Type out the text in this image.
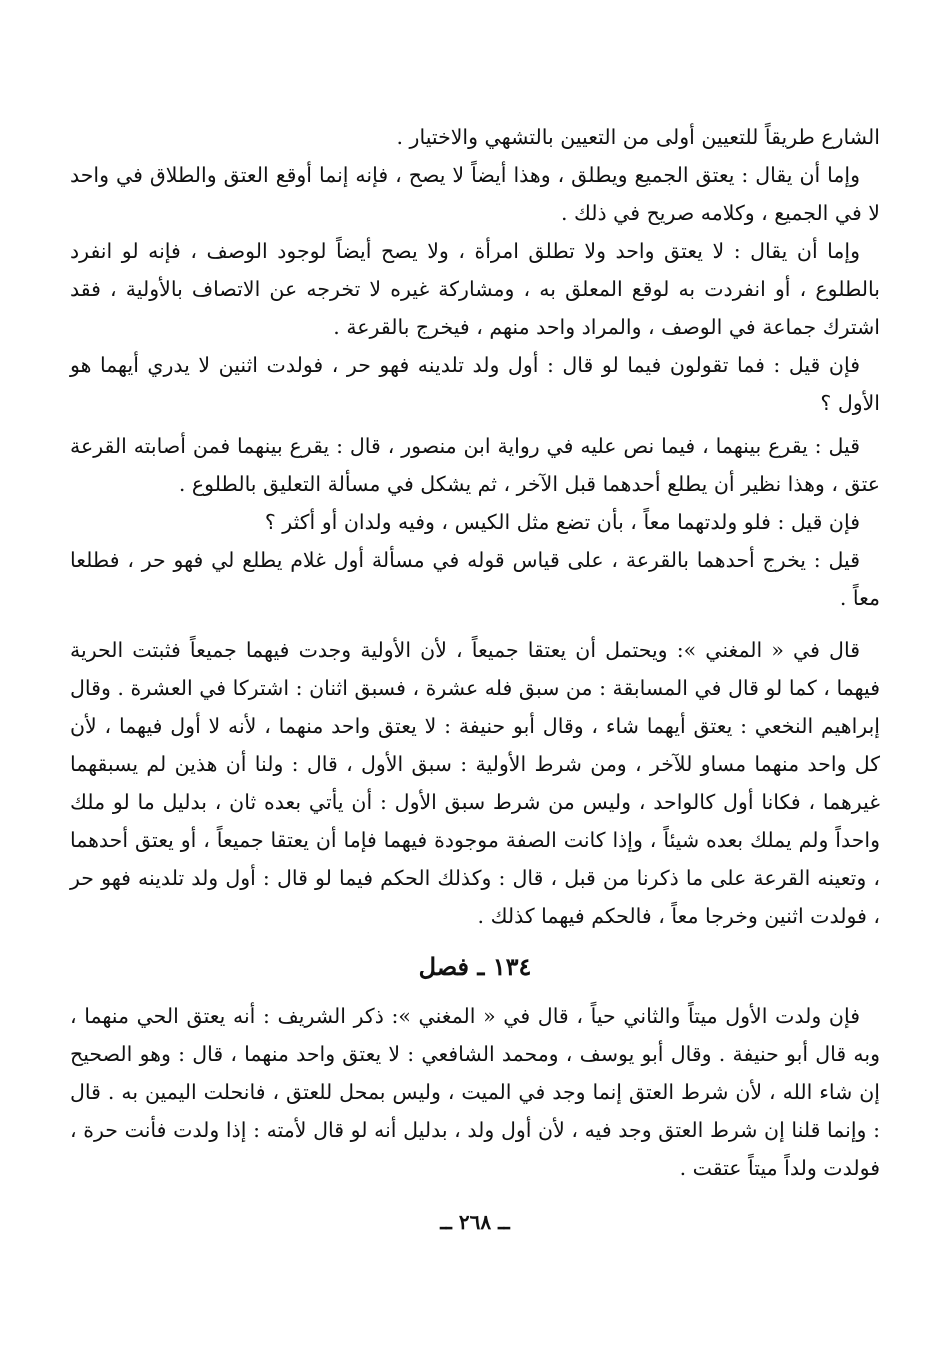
الشارع طريقاً للتعيين أولى من التعيين بالتشهي والاختيار .

وإما أن يقال : يعتق الجميع ويطلق ، وهذا أيضاً لا يصح ، فإنه إنما أوقع العتق والطلاق في واحد لا في الجميع ، وكلامه صريح في ذلك .

وإما أن يقال : لا يعتق واحد ولا تطلق امرأة ، ولا يصح أيضاً لوجود الوصف ، فإنه لو انفرد بالطلوع ، أو انفردت به لوقع المعلق به ، ومشاركة غيره لا تخرجه عن الاتصاف بالأولية ، فقد اشترك جماعة في الوصف ، والمراد واحد منهم ، فيخرج بالقرعة .

فإن قيل : فما تقولون فيما لو قال : أول ولد تلدينه فهو حر ، فولدت اثنين لا يدري أيهما هو الأول ؟

قيل : يقرع بينهما ، فيما نص عليه في رواية ابن منصور ، قال : يقرع بينهما فمن أصابته القرعة عتق ، وهذا نظير أن يطلع أحدهما قبل الآخر ، ثم يشكل في مسألة التعليق بالطلوع .

فإن قيل : فلو ولدتهما معاً ، بأن تضع مثل الكيس ، وفيه ولدان أو أكثر ؟

قيل : يخرج أحدهما بالقرعة ، على قياس قوله في مسألة أول غلام يطلع لي فهو حر ، فطلعا معاً .

قال في « المغني »: ويحتمل أن يعتقا جميعاً ، لأن الأولية وجدت فيهما جميعاً فثبتت الحرية فيهما ، كما لو قال في المسابقة : من سبق فله عشرة ، فسبق اثنان : اشتركا في العشرة . وقال إبراهيم النخعي : يعتق أيهما شاء ، وقال أبو حنيفة : لا يعتق واحد منهما ، لأنه لا أول فيهما ، لأن كل واحد منهما مساو للآخر ، ومن شرط الأولية : سبق الأول ، قال : ولنا أن هذين لم يسبقهما غيرهما ، فكانا أول كالواحد ، وليس من شرط سبق الأول : أن يأتي بعده ثان ، بدليل ما لو ملك واحداً ولم يملك بعده شيئاً ، وإذا كانت الصفة موجودة فيهما فإما أن يعتقا جميعاً ، أو يعتق أحدهما ، وتعينه القرعة على ما ذكرنا من قبل ، قال : وكذلك الحكم فيما لو قال : أول ولد تلدينه فهو حر ، فولدت اثنين وخرجا معاً ، فالحكم فيهما كذلك .

١٣٤ ـ فصل

فإن ولدت الأول ميتاً والثاني حياً ، قال في « المغني »: ذكر الشريف : أنه يعتق الحي منهما ، وبه قال أبو حنيفة . وقال أبو يوسف ، ومحمد الشافعي : لا يعتق واحد منهما ، قال : وهو الصحيح إن شاء الله ، لأن شرط العتق إنما وجد في الميت ، وليس بمحل للعتق ، فانحلت اليمين به . قال : وإنما قلنا إن شرط العتق وجد فيه ، لأن أول ولد ، بدليل أنه لو قال لأمته : إذا ولدت فأنت حرة ، فولدت ولداً ميتاً عتقت .

ــ ٢٦٨ ــ
